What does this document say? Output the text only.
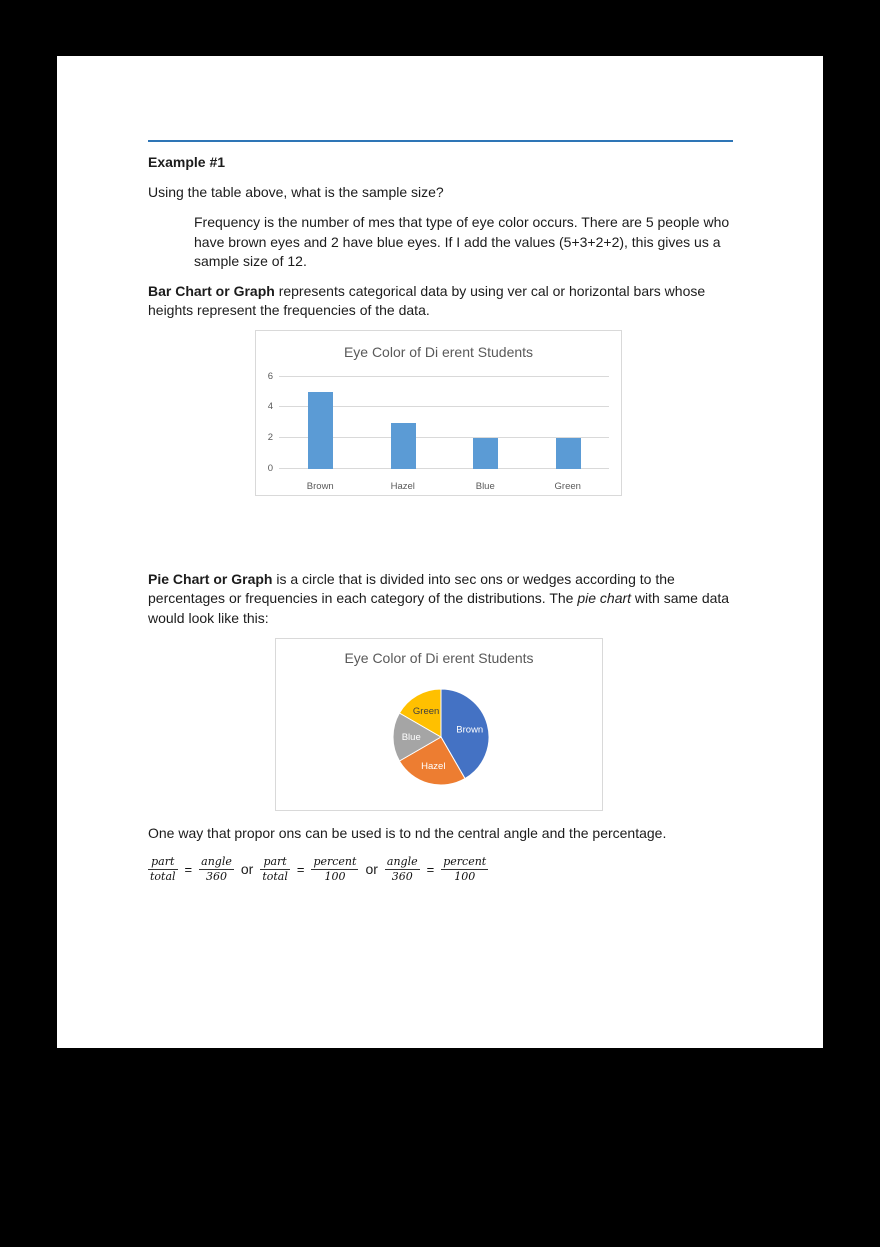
Example #1

Using the table above, what is the sample size?

Frequency is the number of mes that type of eye color occurs. There are 5 people who have brown eyes and 2 have blue eyes. If I add the values (5+3+2+2), this gives us a sample size of 12.

Bar Chart or Graph represents categorical data by using ver cal or horizontal bars whose heights represent the frequencies of the data.

Eye Color of Di erent Students
0
2
4
6
Brown	Hazel	Blue	Green

Pie Chart or Graph is a circle that is divided into sec ons or wedges according to the percentages or frequencies in each category of the distributions. The pie chart with same data would look like this:

Eye Color of Di erent Students
Brown
Hazel
Blue
Green

One way that propor ons can be used is to nd the central angle and the percentage.

$\frac{\text{part}}{\text{total}} = \frac{\text{angle}}{360}$ or $\frac{\text{part}}{\text{total}} = \frac{\text{percent}}{100}$ or $\frac{\text{angle}}{360} = \frac{\text{percent}}{100}$
